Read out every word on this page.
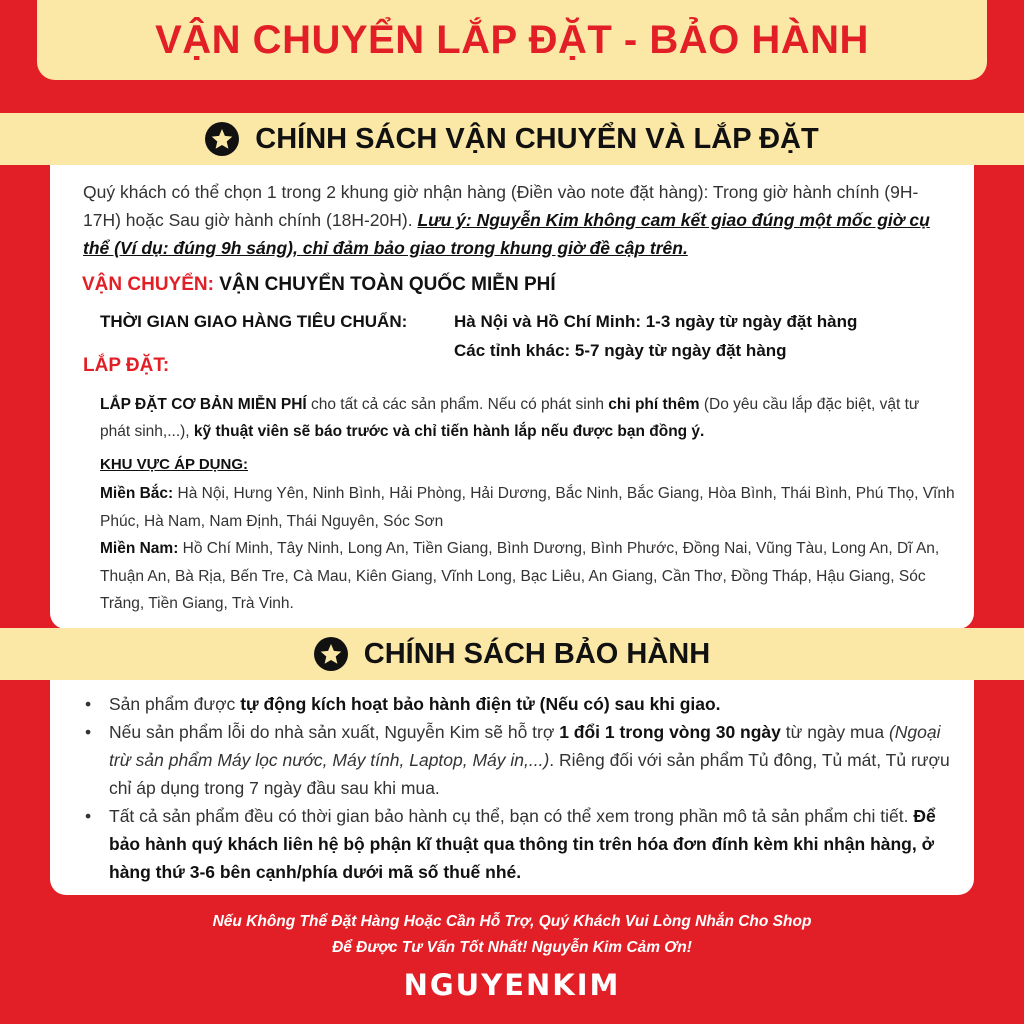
VẬN CHUYỂN LẮP ĐẶT - BẢO HÀNH
CHÍNH SÁCH VẬN CHUYỂN VÀ LẮP ĐẶT

Quý khách có thể chọn 1 trong 2 khung giờ nhận hàng (Điền vào note đặt hàng): Trong giờ hành chính (9H-17H) hoặc Sau giờ hành chính (18H-20H). Lưu ý: Nguyễn Kim không cam kết giao đúng một mốc giờ cụ thể (Ví dụ: đúng 9h sáng), chỉ đảm bảo giao trong khung giờ đề cập trên.

VẬN CHUYỂN: VẬN CHUYỂN TOÀN QUỐC MIỄN PHÍ

THỜI GIAN GIAO HÀNG TIÊU CHUẨN:	Hà Nội và Hồ Chí Minh: 1-3 ngày từ ngày đặt hàng

Các tỉnh khác: 5-7 ngày từ ngày đặt hàng

LẮP ĐẶT:

LẮP ĐẶT CƠ BẢN MIỄN PHÍ cho tất cả các sản phẩm. Nếu có phát sinh chi phí thêm (Do yêu cầu lắp đặc biệt, vật tư phát sinh,...), kỹ thuật viên sẽ báo trước và chỉ tiến hành lắp nếu được bạn đồng ý.

KHU VỰC ÁP DỤNG:

Miền Bắc: Hà Nội, Hưng Yên, Ninh Bình, Hải Phòng, Hải Dương, Bắc Ninh, Bắc Giang, Hòa Bình, Thái Bình, Phú Thọ, Vĩnh Phúc, Hà Nam, Nam Định, Thái Nguyên, Sóc Sơn

Miền Nam: Hồ Chí Minh, Tây Ninh, Long An, Tiền Giang, Bình Dương, Bình Phước, Đồng Nai, Vũng Tàu, Long An, Dĩ An, Thuận An, Bà Rịa, Bến Tre, Cà Mau, Kiên Giang, Vĩnh Long, Bạc Liêu, An Giang, Cần Thơ, Đồng Tháp, Hậu Giang, Sóc Trăng, Tiền Giang, Trà Vinh.

CHÍNH SÁCH BẢO HÀNH
•	Sản phẩm được tự động kích hoạt bảo hành điện tử (Nếu có) sau khi giao.
•	Nếu sản phẩm lỗi do nhà sản xuất, Nguyễn Kim sẽ hỗ trợ 1 đổi 1 trong vòng 30 ngày từ ngày mua (Ngoại trừ sản phẩm Máy lọc nước, Máy tính, Laptop, Máy in,...). Riêng đối với sản phẩm Tủ đông, Tủ mát, Tủ rượu chỉ áp dụng trong 7 ngày đầu sau khi mua.
•	Tất cả sản phẩm đều có thời gian bảo hành cụ thể, bạn có thể xem trong phần mô tả sản phẩm chi tiết. Để bảo hành quý khách liên hệ bộ phận kĩ thuật qua thông tin trên hóa đơn đính kèm khi nhận hàng, ở hàng thứ 3-6 bên cạnh/phía dưới mã số thuế nhé.

Nếu Không Thể Đặt Hàng Hoặc Cần Hỗ Trợ, Quý Khách Vui Lòng Nhắn Cho Shop

Để Được Tư Vấn Tốt Nhất! Nguyễn Kim Cảm Ơn!

NGUYENKIM
